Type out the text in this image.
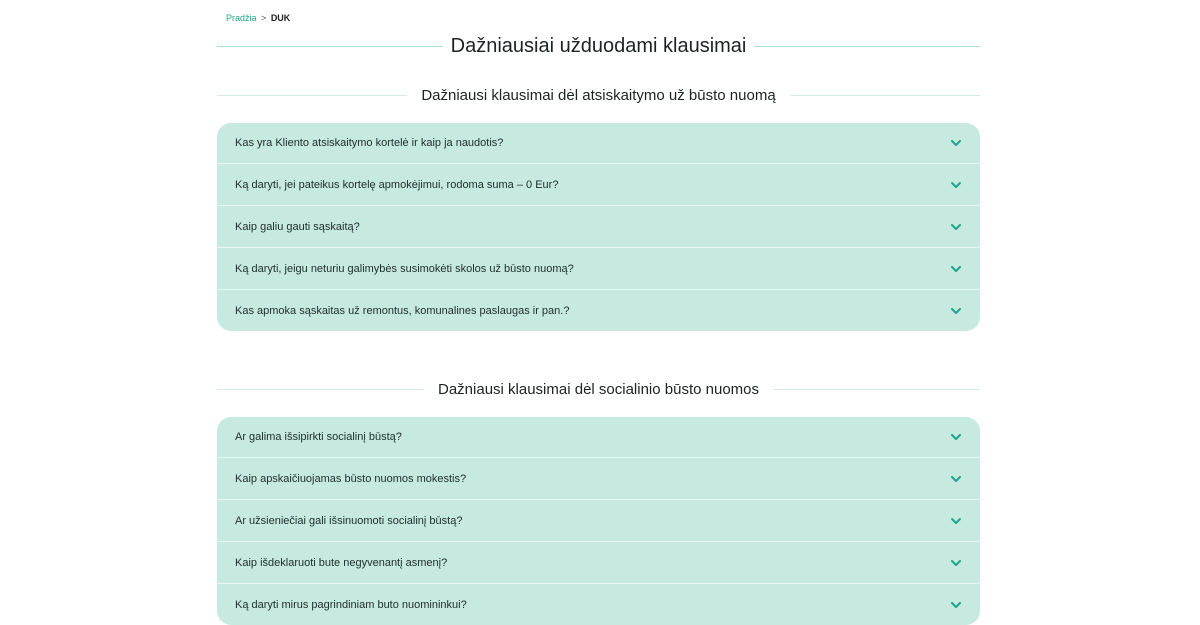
Pradžia > DUK
Dažniausiai užduodami klausimai
Dažniausi klausimai dėl atsiskaitymo už būsto nuomą
Kas yra Kliento atsiskaitymo kortelė ir kaip ja naudotis?
Ką daryti, jei pateikus kortelę apmokėjimui, rodoma suma – 0 Eur?
Kaip galiu gauti sąskaitą?
Ką daryti, jeigu neturiu galimybės susimokėti skolos už būsto nuomą?
Kas apmoka sąskaitas už remontus, komunalines paslaugas ir pan.?
Dažniausi klausimai dėl socialinio būsto nuomos
Ar galima išsipirkti socialinį būstą?
Kaip apskaičiuojamas būsto nuomos mokestis?
Ar užsieniečiai gali išsinuomoti socialinį būstą?
Kaip išdeklaruoti bute negyvenantį asmenį?
Ką daryti mirus pagrindiniam buto nuomininkui?
